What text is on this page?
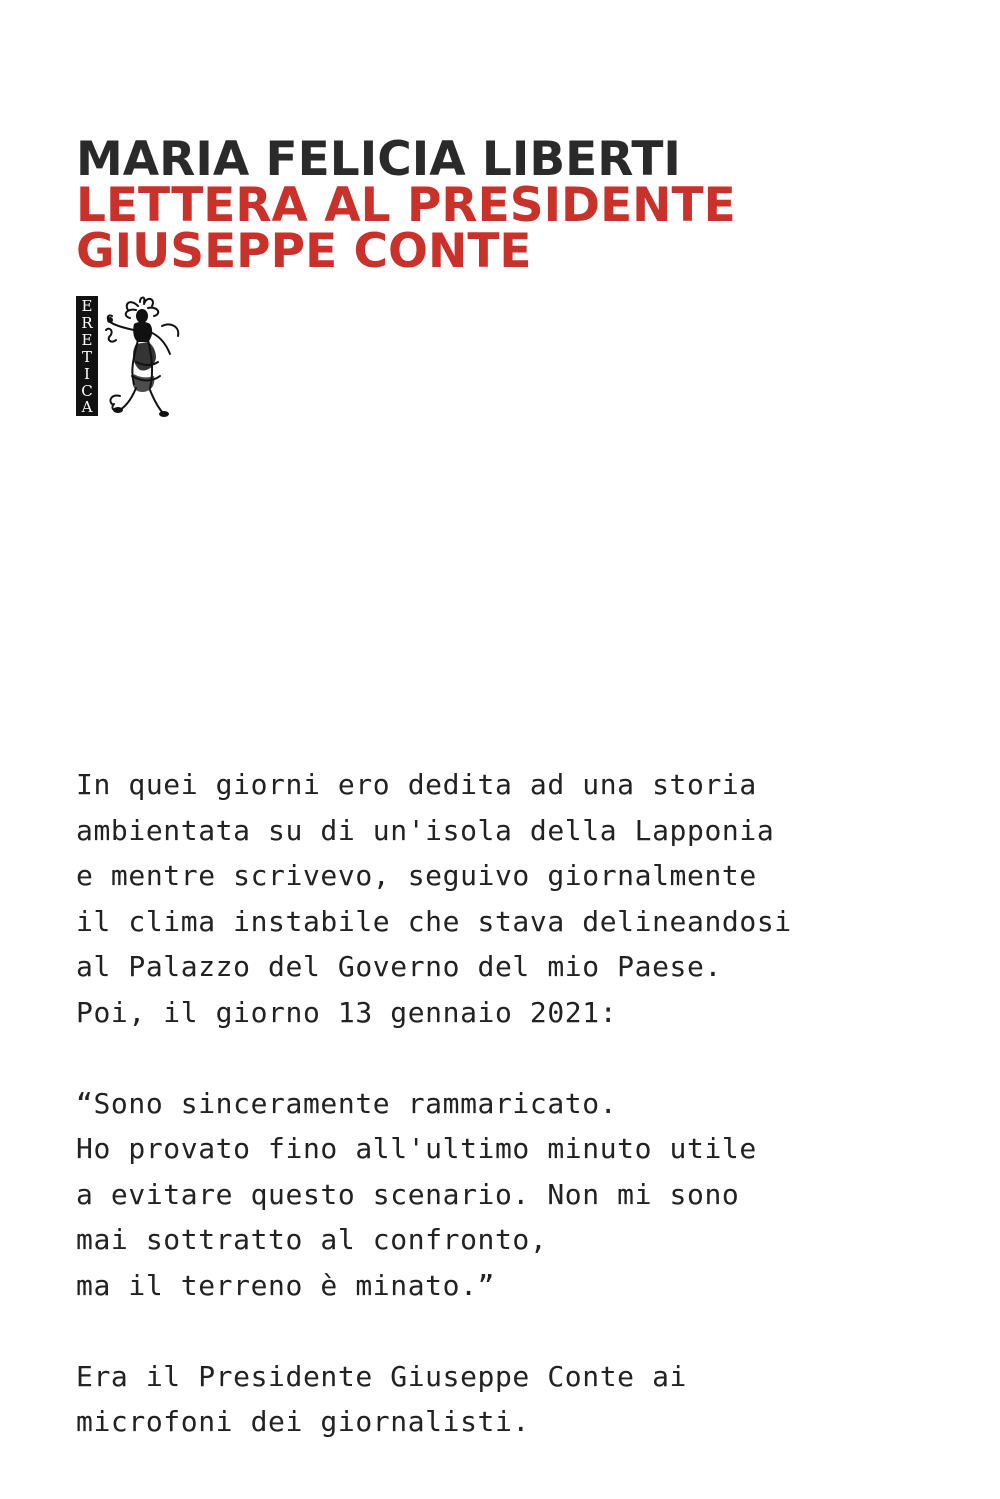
MARIA FELICIA LIBERTI
LETTERA AL PRESIDENTE
GIUSEPPE CONTE
E
R
E
T
I
C
A

In quei giorni ero dedita ad una storia
ambientata su di un'isola della Lapponia
e mentre scrivevo, seguivo giornalmente
il clima instabile che stava delineandosi
al Palazzo del Governo del mio Paese.
Poi, il giorno 13 gennaio 2021:

“Sono sinceramente rammaricato.
Ho provato fino all'ultimo minuto utile
a evitare questo scenario. Non mi sono
mai sottratto al confronto,
ma il terreno è minato.”

Era il Presidente Giuseppe Conte ai
microfoni dei giornalisti.
